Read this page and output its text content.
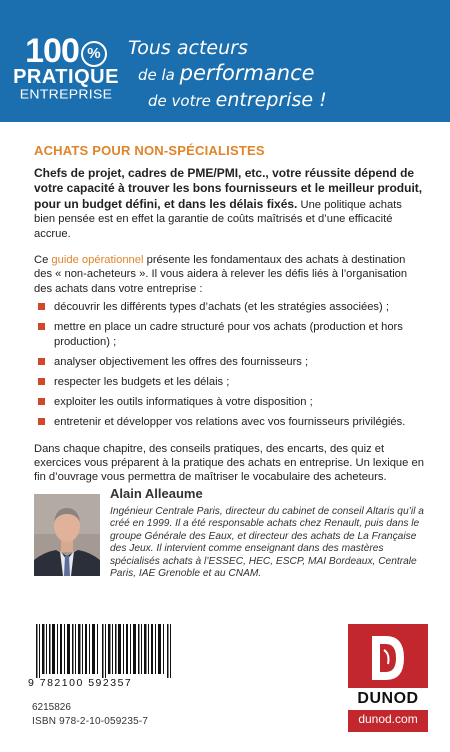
100 %
PRATIQUE
ENTREPRISE
Tous acteurs
de la performance
de votre entreprise !
ACHATS POUR NON-SPÉCIALISTES

Chefs de projet, cadres de PME/PMI, etc., votre réussite dépend de votre capacité à trouver les bons fournisseurs et le meilleur produit, pour un budget défini, et dans les délais fixés. Une politique achats bien pensée est en effet la garantie de coûts maîtrisés et d’une efficacité accrue.

Ce guide opérationnel présente les fondamentaux des achats à destination des « non-acheteurs ». Il vous aidera à relever les défis liés à l’organisation des achats dans votre entreprise :

découvrir les différents types d’achats (et les stratégies associées) ;
mettre en place un cadre structuré pour vos achats (production et hors production) ;
analyser objectivement les offres des fournisseurs ;
respecter les budgets et les délais ;
exploiter les outils informatiques à votre disposition ;
entretenir et développer vos relations avec vos fournisseurs privilégiés.

Dans chaque chapitre, des conseils pratiques, des encarts, des quiz et exercices vous préparent à la pratique des achats en entreprise. Un lexique en fin d’ouvrage vous permettra de maîtriser le vocabulaire des acheteurs.

Alain Alleaume
Ingénieur Centrale Paris, directeur du cabinet de conseil Altaris qu’il a créé en 1999. Il a été responsable achats chez Renault, puis dans le groupe Générale des Eaux, et directeur des achats de La Française des Jeux. Il intervient comme enseignant dans des mastères spécialisés achats à l’ESSEC, HEC, ESCP, MAI Bordeaux, Centrale Paris, IAE Grenoble et au CNAM.
9 782100 592357
6215826
ISBN 978-2-10-059235-7
DUNOD
dunod.com
